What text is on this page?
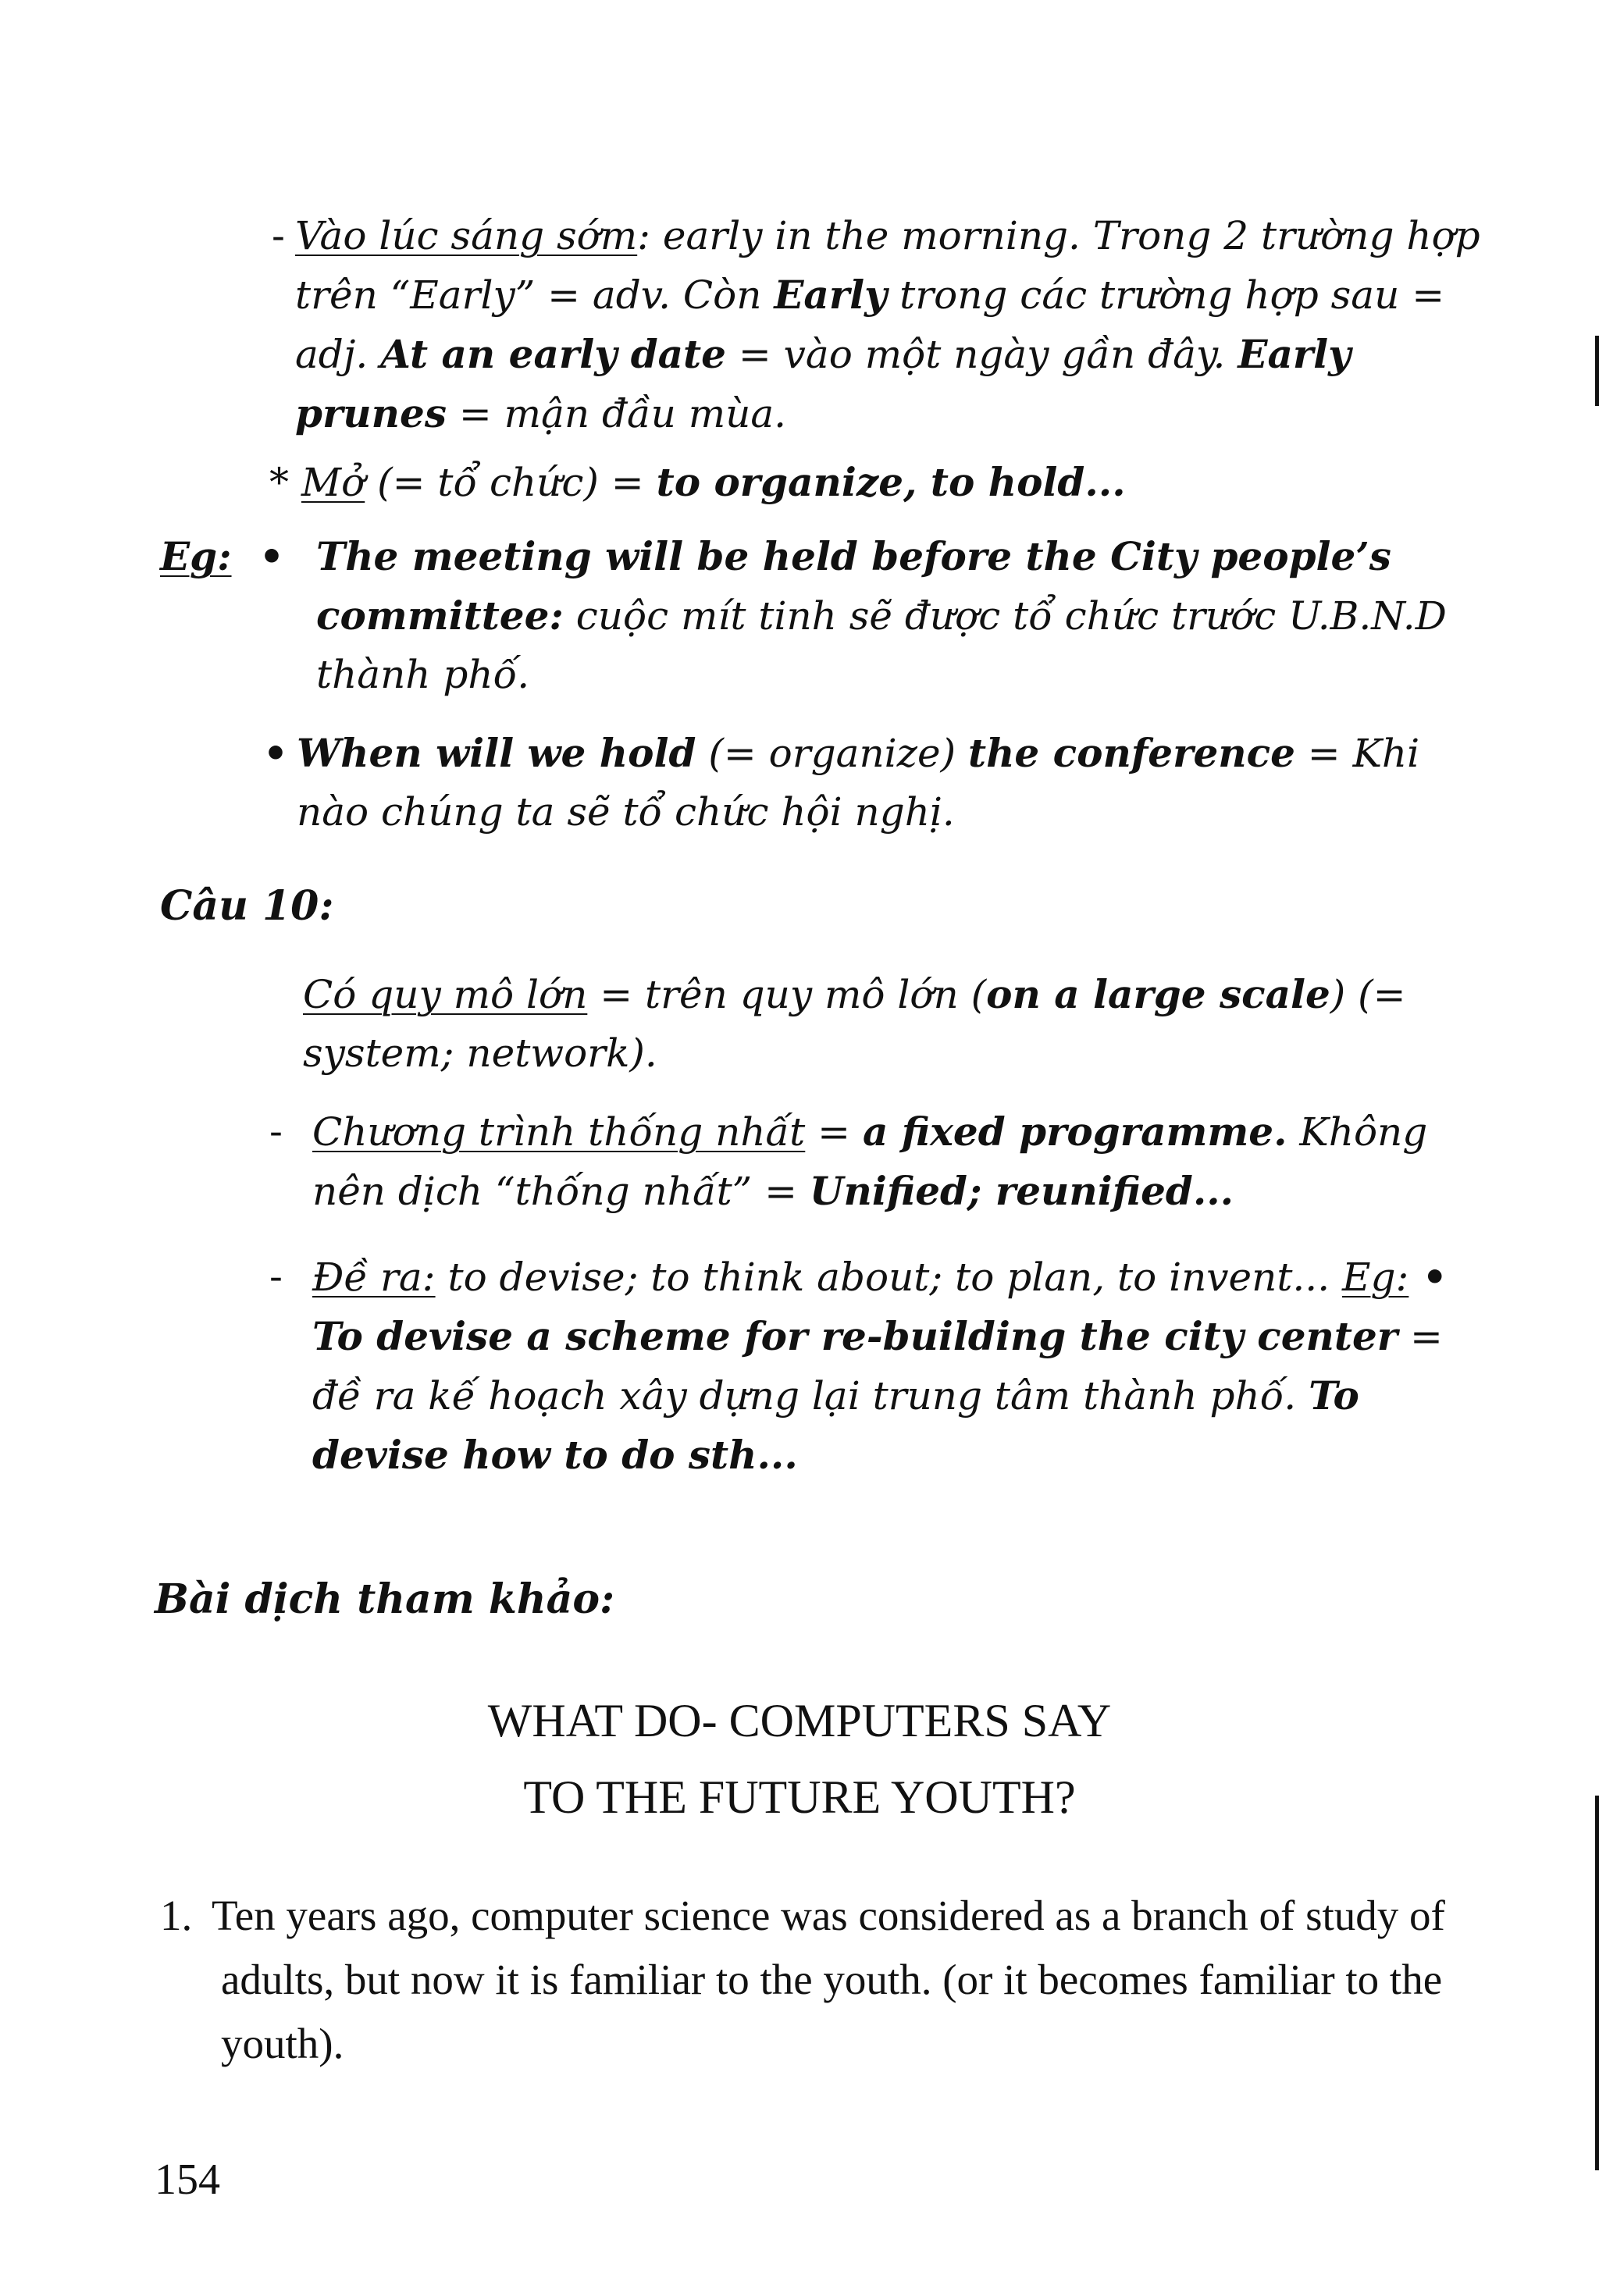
- Vào lúc sáng sớm: early in the morning. Trong 2 trường hợp trên “Early” = adv. Còn Early trong các trường hợp sau = adj. At an early date = vào một ngày gần đây. Early prunes = mận đầu mùa.

* Mở (= tổ chức) = to organize, to hold...

Eg: • The meeting will be held before the City people’s committee: cuộc mít tinh sẽ được tổ chức trước U.B.N.D thành phố.

• When will we hold (= organize) the conference = Khi nào chúng ta sẽ tổ chức hội nghị.

Câu 10:

Có quy mô lớn = trên quy mô lớn (on a large scale) (= system; network).

- Chương trình thống nhất = a fixed programme. Không nên dịch “thống nhất” = Unified; reunified...

- Đề ra: to devise; to think about; to plan, to invent... Eg: • To devise a scheme for re-building the city center = đề ra kế hoạch xây dựng lại trung tâm thành phố. To devise how to do sth...

Bài dịch tham khảo:

WHAT DO- COMPUTERS SAY

TO THE FUTURE YOUTH?

1. Ten years ago, computer science was considered as a branch of study of adults, but now it is familiar to the youth. (or it becomes familiar to the youth).

154
